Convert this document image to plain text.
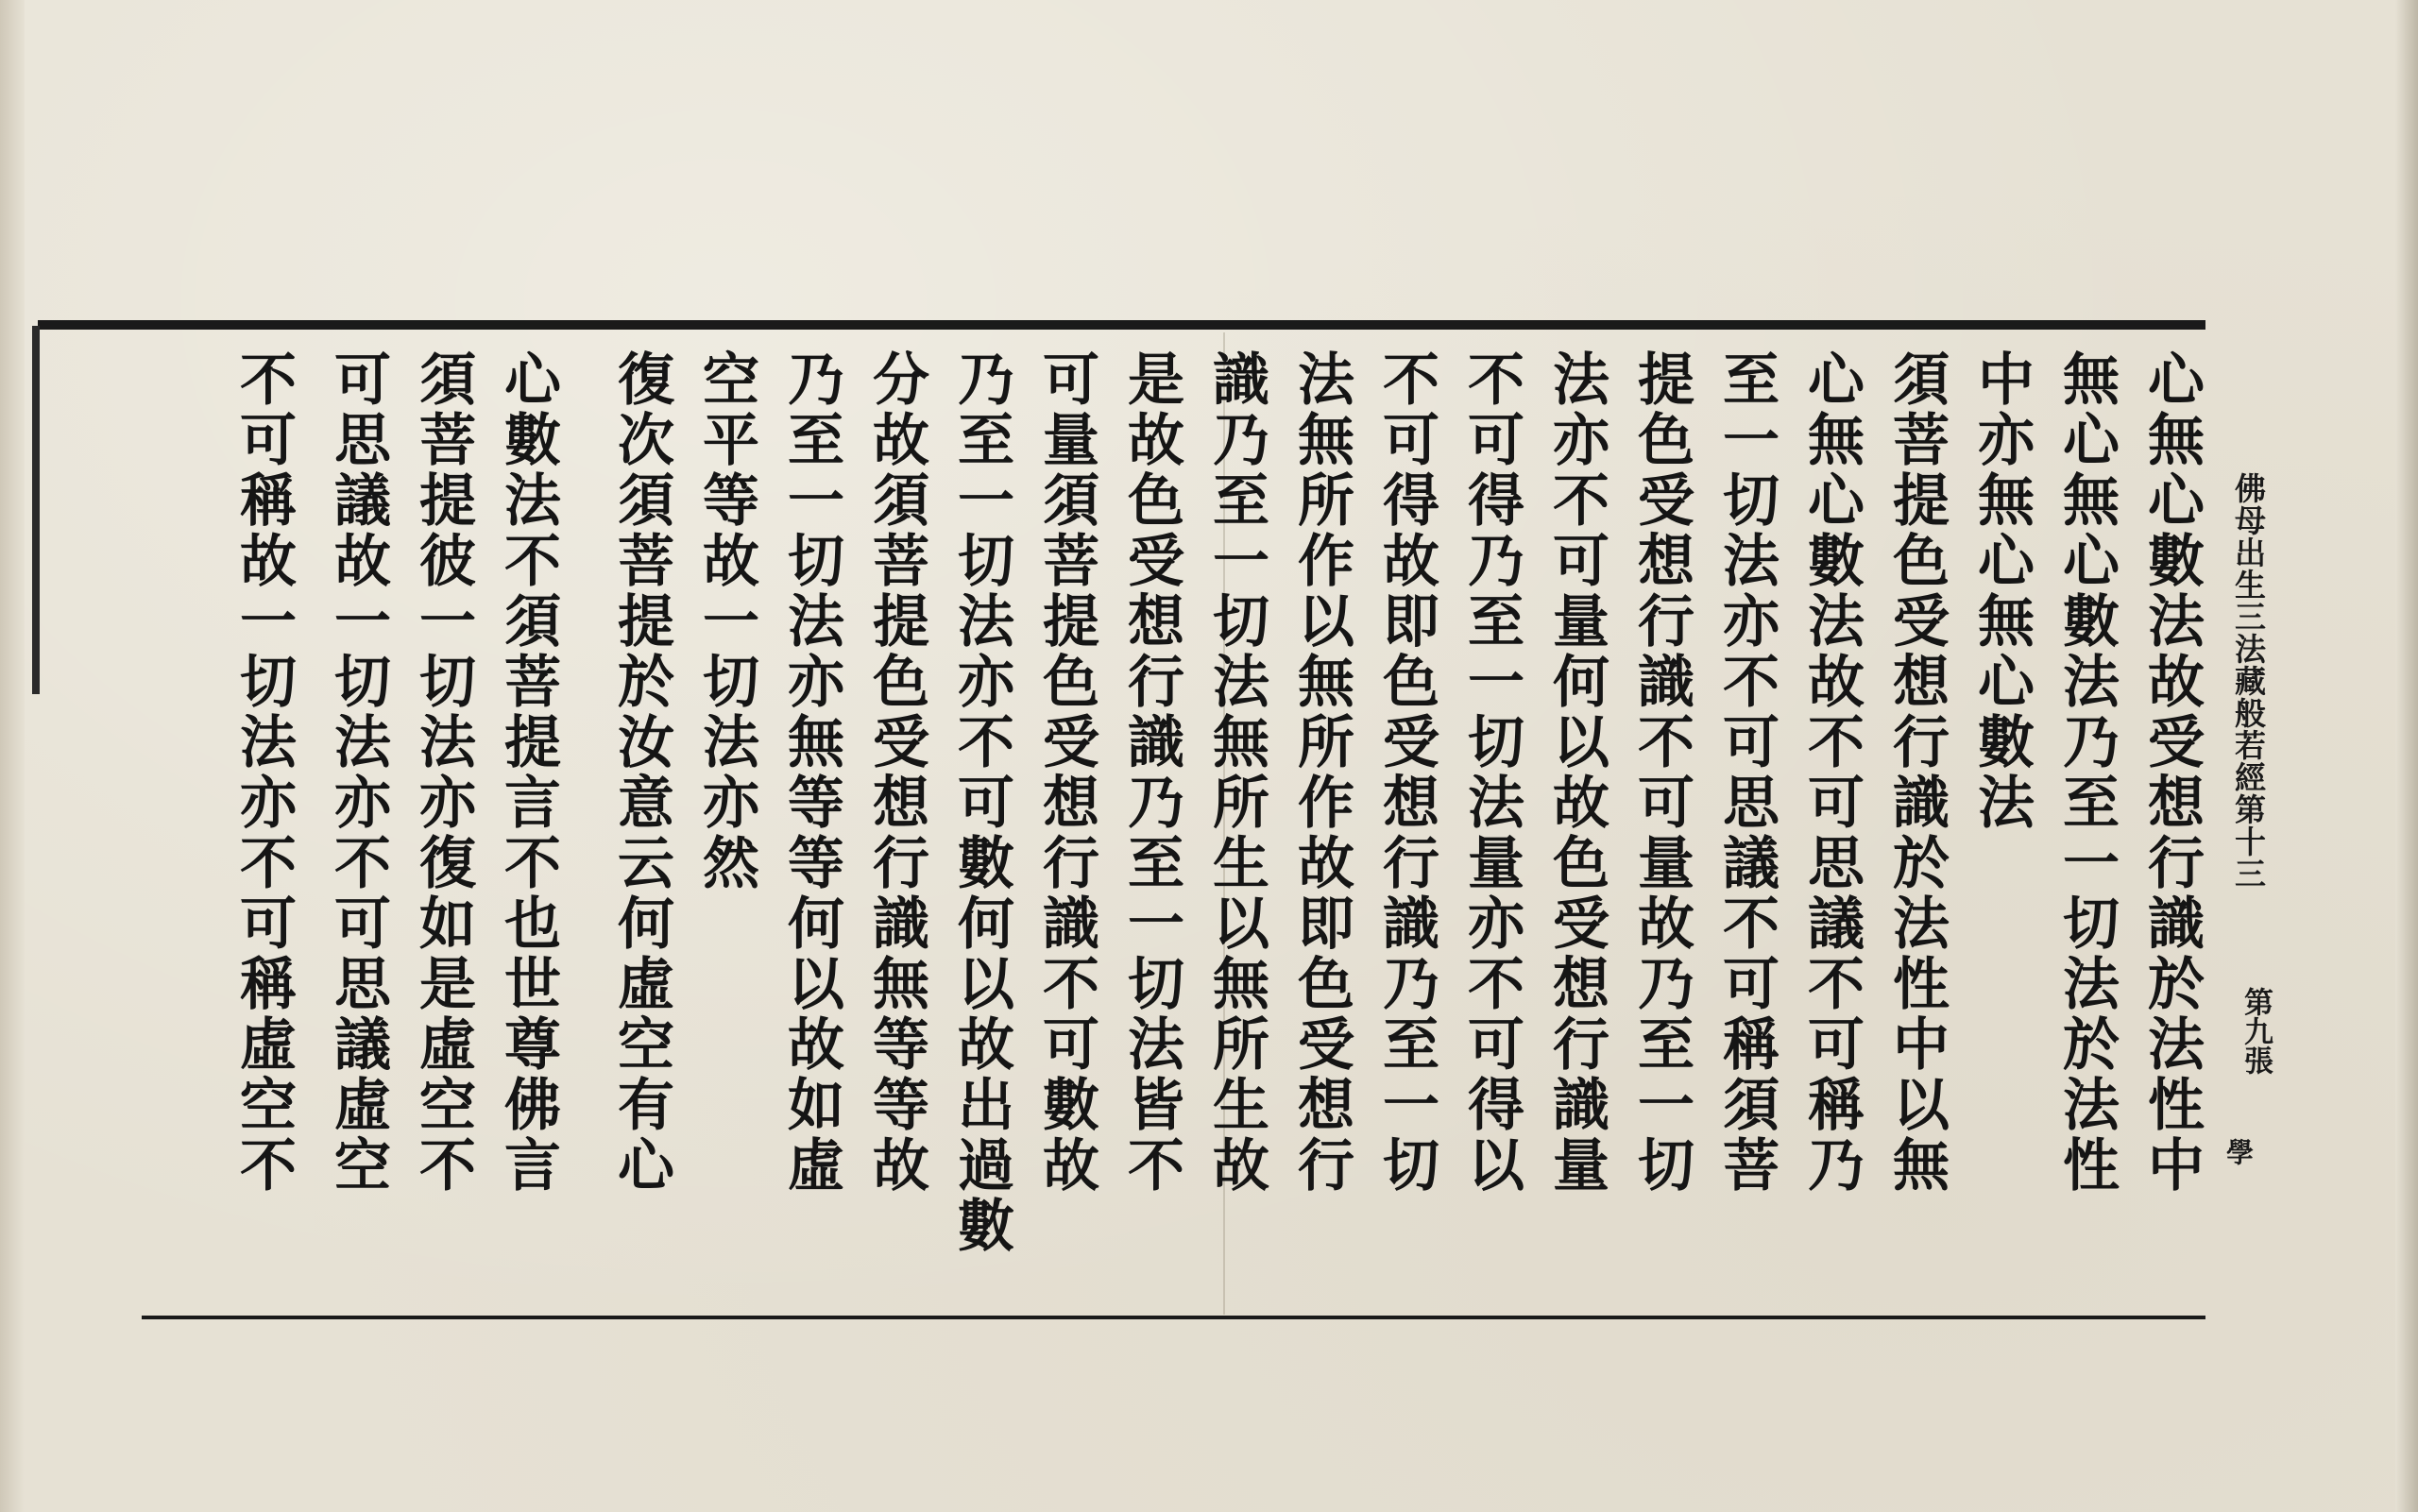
佛母出生三法藏般若經第十三
第九張
學
心無心數法故受想行識於法性中
無心無心數法乃至一切法於法性
中亦無心無心數法
須菩提色受想行識於法性中以無
心無心數法故不可思議不可稱乃
至一切法亦不可思議不可稱須菩
提色受想行識不可量故乃至一切
法亦不可量何以故色受想行識量
不可得乃至一切法量亦不可得以
不可得故即色受想行識乃至一切
法無所作以無所作故即色受想行
識乃至一切法無所生以無所生故
是故色受想行識乃至一切法皆不
可量須菩提色受想行識不可數故
乃至一切法亦不可數何以故出過數
分故須菩提色受想行識無等等故
乃至一切法亦無等等何以故如虛
空平等故一切法亦然
復次須菩提於汝意云何虛空有心
心數法不須菩提言不也世尊佛言
須菩提彼一切法亦復如是虛空不
可思議故一切法亦不可思議虛空
不可稱故一切法亦不可稱虛空不
